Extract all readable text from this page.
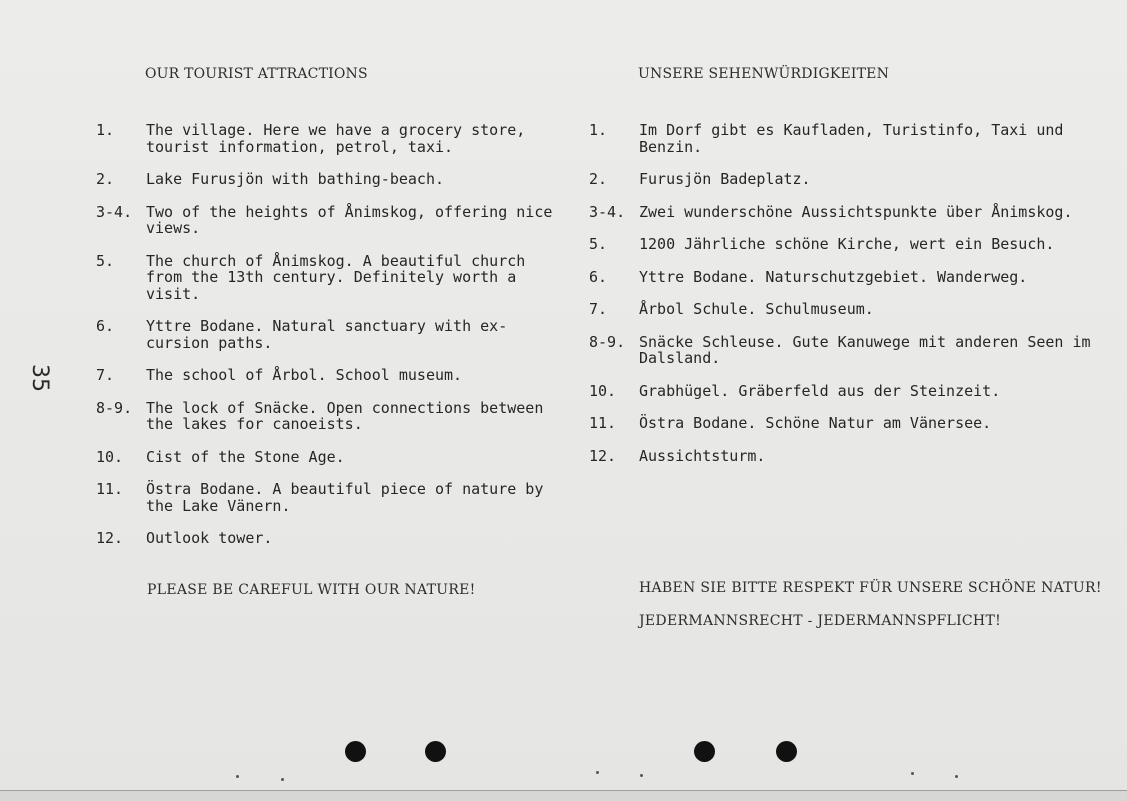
35
OUR TOURIST ATTRACTIONS	UNSERE SEHENWÜRDIGKEITEN
1.	The village. Here we have a grocery store, tourist information, petrol, taxi.
2.	Lake Furusjön with bathing-beach.
3-4. Two of the heights of Ånimskog, offering nice views.
5.	The church of Ånimskog. A beautiful church from the 13th century. Definitely worth a visit.
6.	Yttre Bodane. Natural sanctuary with ex- cursion paths.
7.	The school of Årbol. School museum.
8-9. The lock of Snäcke. Open connections between the lakes for canoeists.
10.	Cist of the Stone Age.
11.	Östra Bodane. A beautiful piece of nature by the Lake Vänern.
12.	Outlook tower.
1.	Im Dorf gibt es Kaufladen, Turistinfo, Taxi und Benzin.
2.	Furusjön Badeplatz.
3-4. Zwei wunderschöne Aussichtspunkte über Ånimskog.
5.	1200 Jährliche schöne Kirche, wert ein Besuch.
6.	Yttre Bodane. Naturschutzgebiet. Wanderweg.
7.	Årbol Schule. Schulmuseum.
8-9. Snäcke Schleuse. Gute Kanuwege mit anderen Seen im Dalsland.
10.	Grabhügel. Gräberfeld aus der Steinzeit.
11.	Östra Bodane. Schöne Natur am Vänersee.
12.	Aussichtsturm.
PLEASE BE CAREFUL WITH OUR NATURE!	HABEN SIE BITTE RESPEKT FÜR UNSERE SCHÖNE NATUR!
JEDERMANNSRECHT - JEDERMANNSPFLICHT!
